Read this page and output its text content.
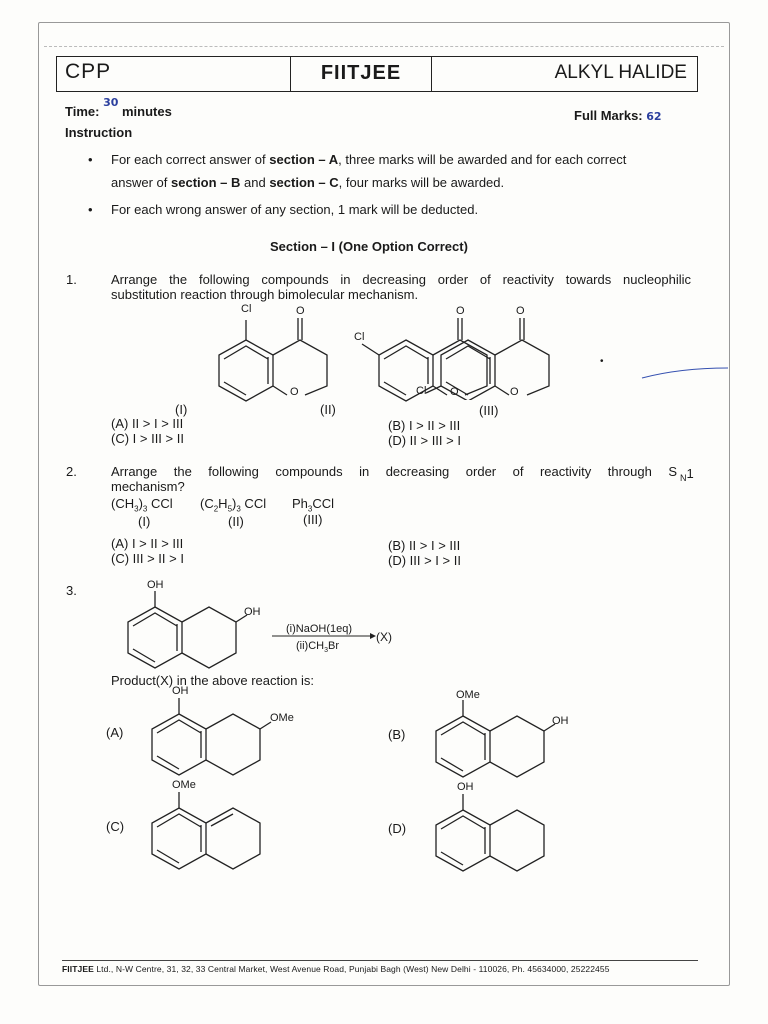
CPP	FIITJEE	ALKYL HALIDE
Time: $^{30}$ minutes	Full Marks: 62
Instruction
• For each correct answer of section – A, three marks will be awarded and for each correct
answer of section – B and section – C, four marks will be awarded.
• For each wrong answer of any section, 1 mark will be deducted.
Section – I (One Option Correct)
1.	Arrange the following compounds in decreasing order of reactivity towards nucleophilic
substitution reaction through bimolecular mechanism.
Cl	O
O
Cl
O
O
O
O
Cl
•
(I)	(II)	(III)
(A) II > I > III	(B) I > II > III
(C) I > III > II	(D) II > III > I
2.	Arrange the following compounds in decreasing order of reactivity through S $_N$1
mechanism?
$(CH_3)_3$ CCl $(C_2H_5)_3$ CCl $Ph_3CCl$
(I)	(II)	(III)
(A) I > II > III	(B) II > I > III
(C) III > II > I	(D) III > I > II
3.	OH
OH
(i)NaOH(1eq)
$(ii)CH_3Br$
(X)
Product(X) in the above reaction is:
(A)
OH
OMe
(B)
OMe
OH
(C)
OMe
(D)
OH
FIITJEE Ltd., N-W Centre, 31, 32, 33 Central Market, West Avenue Road, Punjabi Bagh (West) New Delhi - 110026, Ph. 45634000, 25222455
